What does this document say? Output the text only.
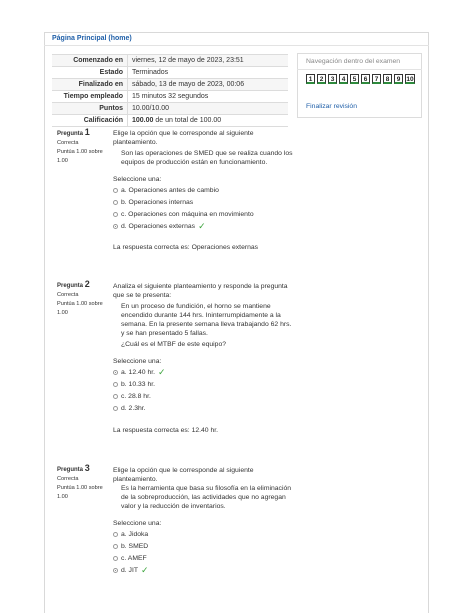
Página Principal (home)
Comenzado en	viernes, 12 de mayo de 2023, 23:51
Estado	Terminados
Finalizado en	sábado, 13 de mayo de 2023, 00:06
Tiempo empleado	15 minutos 32 segundos
Puntos	10.00/10.00
Calificación	100.00 de un total de 100.00
Navegación dentro del examen
1	2	3	4	5	6	7	8	9 10
Finalizar revisión
Pregunta 1
Correcta
Puntúa 1.00 sobre
1.00

Elige la opción que le corresponde al siguiente planteamiento.

Son las operaciones de SMED que se realiza cuando los equipos de producción están en funcionamiento.

Seleccione una:

a. Operaciones antes de cambio
b. Operaciones internas
c. Operaciones con máquina en movimiento
d. Operaciones externas ✓

La respuesta correcta es: Operaciones externas

Pregunta 2
Correcta
Puntúa 1.00 sobre
1.00

Analiza el siguiente planteamiento y responde la pregunta que se te presenta:

En un proceso de fundición, el horno se mantiene encendido durante 144 hrs. Ininterrumpidamente a la semana. En la presente semana lleva trabajando 62 hrs. y se han presentado 5 fallas.

¿Cuál es el MTBF de este equipo?

Seleccione una:

a. 12.40 hr. ✓
b. 10.33 hr.
c. 28.8 hr.
d. 2.3hr.

La respuesta correcta es: 12.40 hr.

Pregunta 3
Correcta
Puntúa 1.00 sobre
1.00

Elige la opción que le corresponde al siguiente planteamiento.

Es la herramienta que basa su filosofía en la eliminación de la sobreproducción, las actividades que no agregan valor y la reducción de inventarios.

Seleccione una:

a. Jidoka
b. SMED
c. AMEF
d. JIT ✓
